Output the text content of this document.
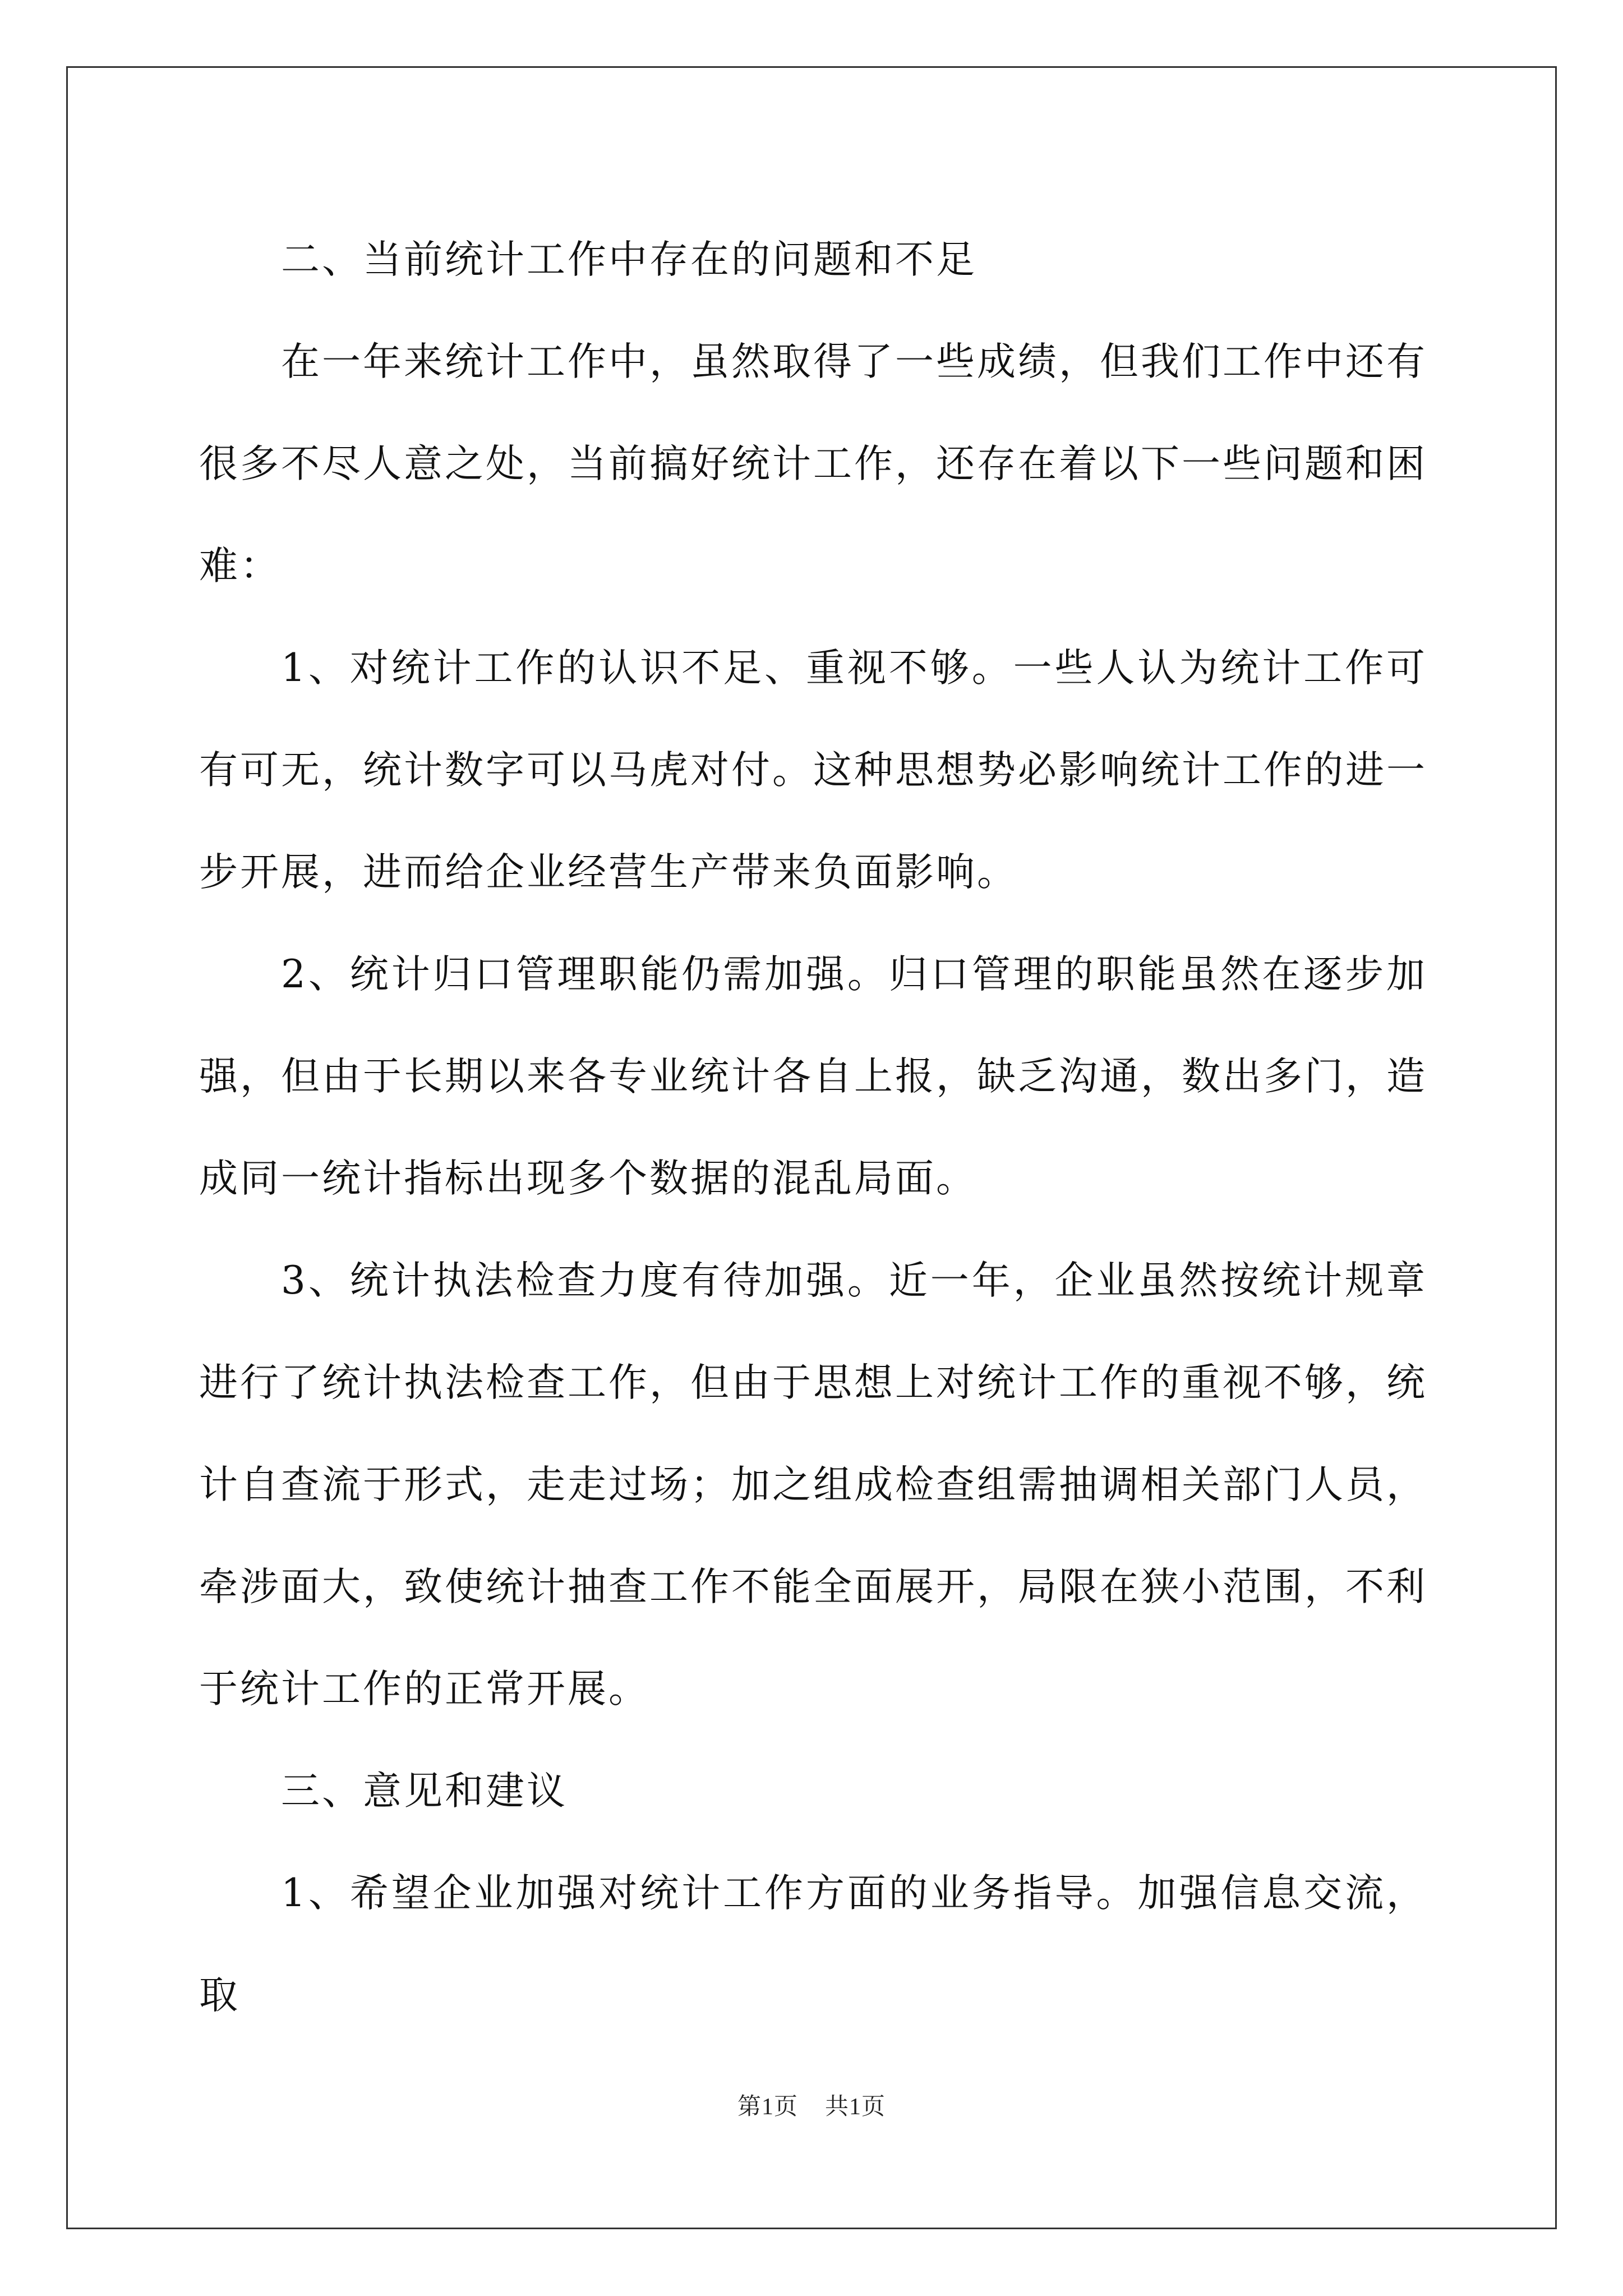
二、当前统计工作中存在的问题和不足

在一年来统计工作中，虽然取得了一些成绩，但我们工作中还有很多不尽人意之处，当前搞好统计工作，还存在着以下一些问题和困难：

1、对统计工作的认识不足、重视不够。一些人认为统计工作可有可无，统计数字可以马虎对付。这种思想势必影响统计工作的进一步开展，进而给企业经营生产带来负面影响。

2、统计归口管理职能仍需加强。归口管理的职能虽然在逐步加强，但由于长期以来各专业统计各自上报，缺乏沟通，数出多门，造成同一统计指标出现多个数据的混乱局面。

3、统计执法检查力度有待加强。近一年，企业虽然按统计规章进行了统计执法检查工作，但由于思想上对统计工作的重视不够，统计自查流于形式，走走过场；加之组成检查组需抽调相关部门人员，牵涉面大，致使统计抽查工作不能全面展开，局限在狭小范围，不利于统计工作的正常开展。

三、意见和建议

1、希望企业加强对统计工作方面的业务指导。加强信息交流，取

第1页 共1页
